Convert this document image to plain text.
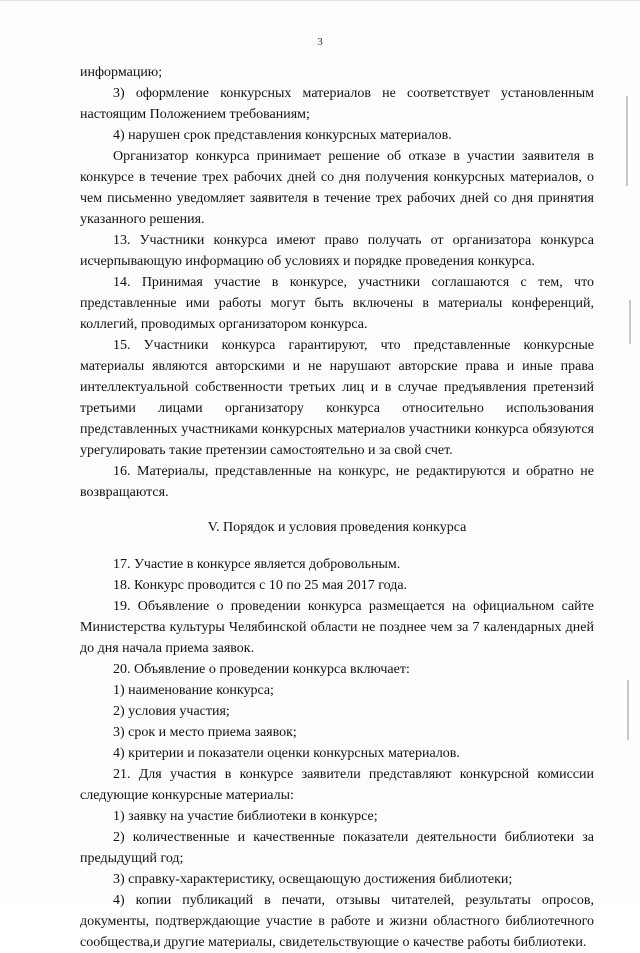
3

информацию;

3) оформление конкурсных материалов не соответствует установленным настоящим Положением требованиям;

4) нарушен срок представления конкурсных материалов.

Организатор конкурса принимает решение об отказе в участии заявителя в конкурсе в течение трех рабочих дней со дня получения конкурсных материалов, о чем письменно уведомляет заявителя в течение трех рабочих дней со дня принятия указанного решения.

13. Участники конкурса имеют право получать от организатора конкурса исчерпывающую информацию об условиях и порядке проведения конкурса.

14. Принимая участие в конкурсе, участники соглашаются с тем, что представленные ими работы могут быть включены в материалы конференций, коллегий, проводимых организатором конкурса.

15. Участники конкурса гарантируют, что представленные конкурсные материалы являются авторскими и не нарушают авторские права и иные права интеллектуальной собственности третьих лиц и в случае предъявления претензий третьими лицами организатору конкурса относительно использования представленных участниками конкурсных материалов участники конкурса обязуются урегулировать такие претензии самостоятельно и за свой счет.

16. Материалы, представленные на конкурс, не редактируются и обратно не возвращаются.

V. Порядок и условия проведения конкурса

17. Участие в конкурсе является добровольным.

18. Конкурс проводится с 10 по 25 мая 2017 года.

19. Объявление о проведении конкурса размещается на официальном сайте Министерства культуры Челябинской области не позднее чем за 7 календарных дней до дня начала приема заявок.

20. Объявление о проведении конкурса включает:

1) наименование конкурса;

2) условия участия;

3) срок и место приема заявок;

4) критерии и показатели оценки конкурсных материалов.

21. Для участия в конкурсе заявители представляют конкурсной комиссии следующие конкурсные материалы:

1) заявку на участие библиотеки в конкурсе;

2) количественные и качественные показатели деятельности библиотеки за предыдущий год;

3) справку-характеристику, освещающую достижения библиотеки;

4) копии публикаций в печати, отзывы читателей, результаты опросов, документы, подтверждающие участие в работе и жизни областного библиотечного сообщества,и другие материалы, свидетельствующие о качестве работы библиотеки.
